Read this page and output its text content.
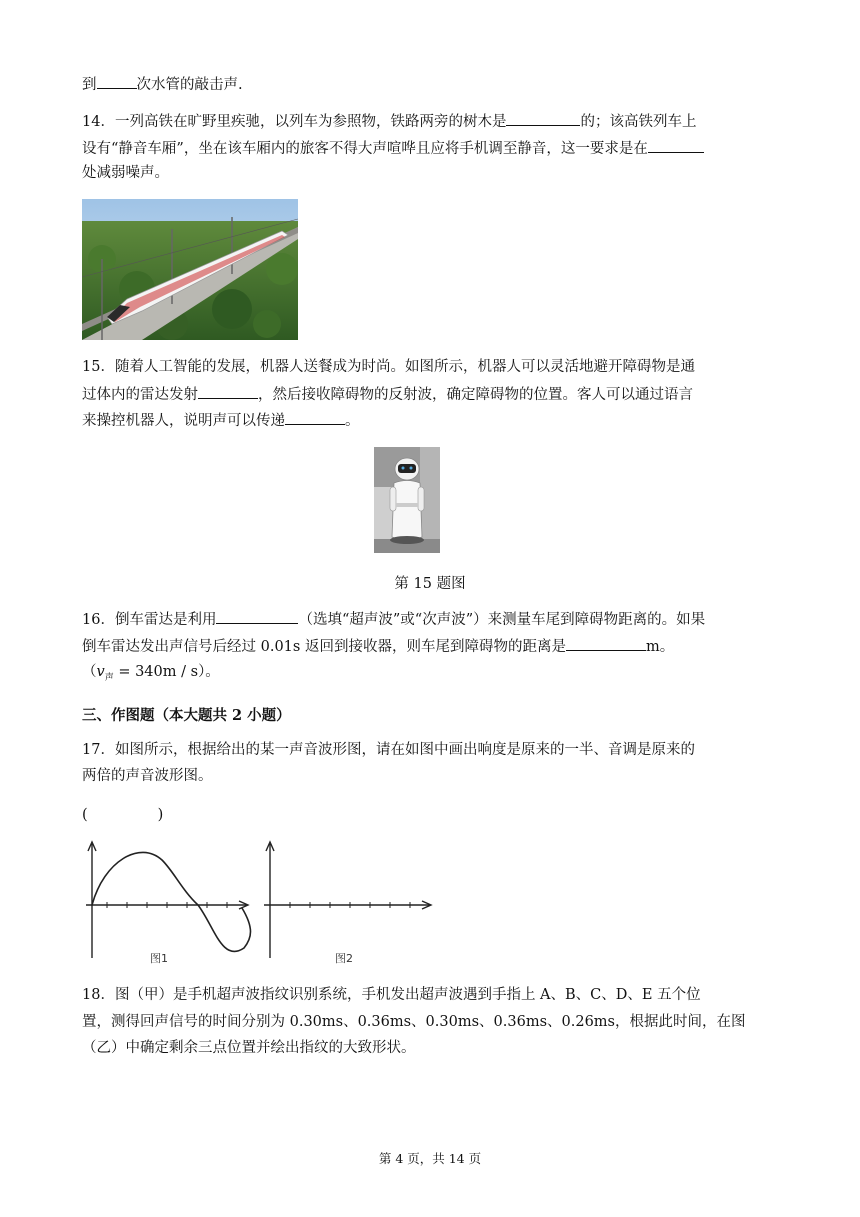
到	次水管的敲击声.
14．一列高铁在旷野里疾驰，以列车为参照物，铁路两旁的树木是	的；该高铁列车上
设有“静音车厢”，坐在该车厢内的旅客不得大声喧哗且应将手机调至静音，这一要求是在
处减弱噪声。
15．随着人工智能的发展，机器人送餐成为时尚。如图所示，机器人可以灵活地避开障碍物是通
过体内的雷达发射	，然后接收障碍物的反射波，确定障碍物的位置。客人可以通过语言
来操控机器人，说明声可以传递	。
第 15 题图
16．倒车雷达是利用	（选填“超声波”或“次声波”）来测量车尾到障碍物距离的。如果
倒车雷达发出声信号后经过 0.01s 返回到接收器，则车尾到障碍物的距离是	m。
$(v_声 = 340m / s)$。
三、作图题（本大题共 2 小题）
17．如图所示，根据给出的某一声音波形图，请在如图中画出响度是原来的一半、音调是原来的
两倍的声音波形图。
(	)
图1	图2
18．图（甲）是手机超声波指纹识别系统，手机发出超声波遇到手指上 A、B、C、D、E 五个位
置，测得回声信号的时间分别为 0.30ms、0.36ms、0.30ms、0.36ms、0.26ms，根据此时间，在图
（乙）中确定剩余三点位置并绘出指纹的大致形状。
第 4 页，共 14 页
